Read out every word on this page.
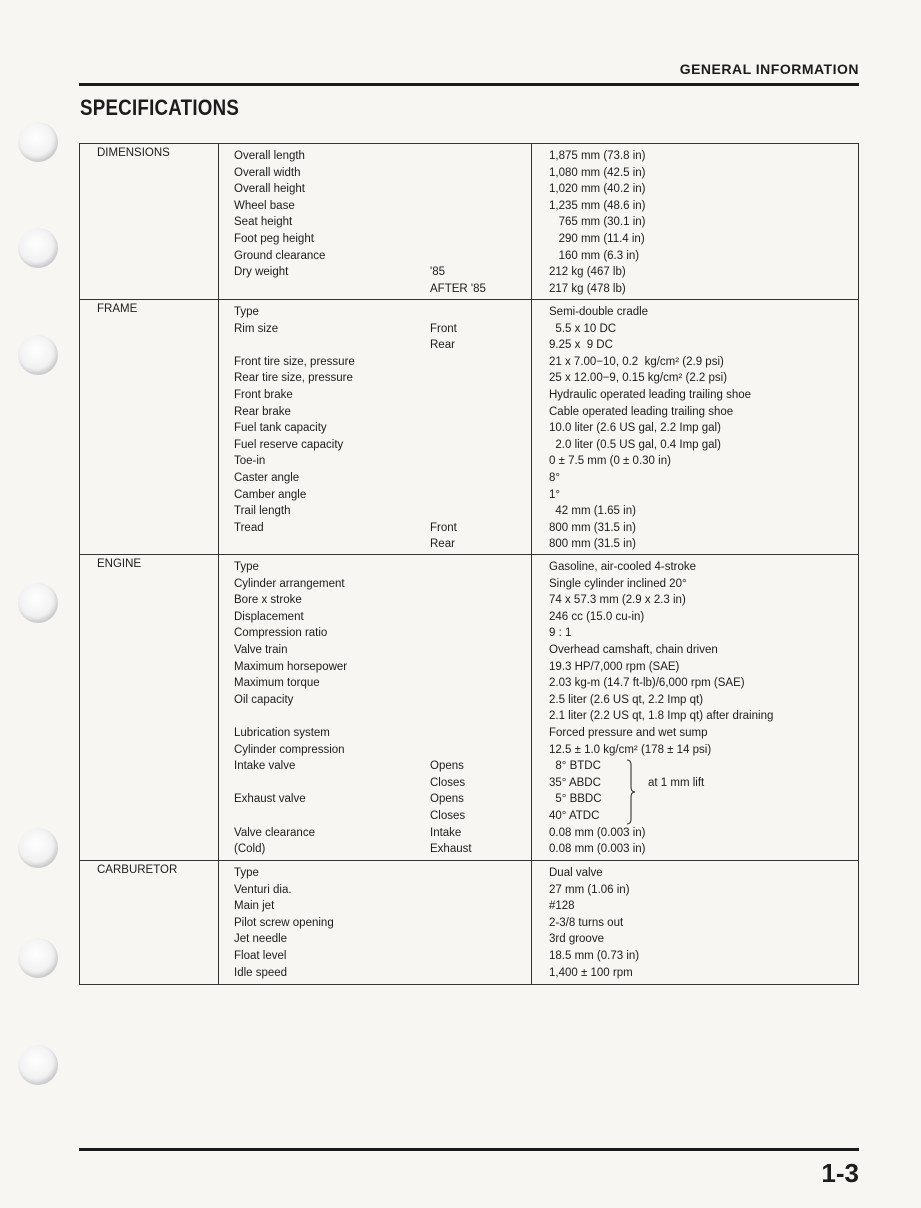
GENERAL INFORMATION
SPECIFICATIONS
DIMENSIONS	Overall length	1,875 mm (73.8 in)
Overall width	1,080 mm (42.5 in)
Overall height	1,020 mm (40.2 in)
Wheel base	1,235 mm (48.6 in)
Seat height	765 mm (30.1 in)
Foot peg height	290 mm (11.4 in)
Ground clearance	160 mm (6.3 in)
Dry weight	'85	212 kg (467 lb)
AFTER '85	217 kg (478 lb)
FRAME	Type	Semi-double cradle
Rim size	Front	5.5 x 10 DC
Rear	9.25 x  9 DC
Front tire size, pressure	21 x 7.00−10, 0.2  kg/cm² (2.9 psi)
Rear tire size, pressure	25 x 12.00−9, 0.15 kg/cm² (2.2 psi)
Front brake	Hydraulic operated leading trailing shoe
Rear brake	Cable operated leading trailing shoe
Fuel tank capacity	10.0 liter (2.6 US gal, 2.2 Imp gal)
Fuel reserve capacity	2.0 liter (0.5 US gal, 0.4 Imp gal)
Toe-in	0 ± 7.5 mm (0 ± 0.30 in)
Caster angle	8°
Camber angle	1°
Trail length	42 mm (1.65 in)
Tread	Front	800 mm (31.5 in)
Rear	800 mm (31.5 in)
ENGINE	Type	Gasoline, air-cooled 4-stroke
Cylinder arrangement	Single cylinder inclined 20°
Bore x stroke	74 x 57.3 mm (2.9 x 2.3 in)
Displacement	246 cc (15.0 cu-in)
Compression ratio	9 : 1
Valve train	Overhead camshaft, chain driven
Maximum horsepower	19.3 HP/7,000 rpm (SAE)
Maximum torque	2.03 kg-m (14.7 ft-lb)/6,000 rpm (SAE)
Oil capacity	2.5 liter (2.6 US qt, 2.2 Imp qt)
2.1 liter (2.2 US qt, 1.8 Imp qt) after draining
Lubrication system	Forced pressure and wet sump
Cylinder compression	12.5 ± 1.0 kg/cm² (178 ± 14 psi)
Intake valve	Opens	8° BTDC
Closes	35° ABDC
Exhaust valve	Opens	5° BBDC
Closes	40° ATDC
Valve clearance	Intake	0.08 mm (0.003 in)
(Cold)	Exhaust	0.08 mm (0.003 in)
at 1 mm lift
CARBURETOR	Type	Dual valve
Venturi dia.	27 mm (1.06 in)
Main jet	#128
Pilot screw opening	2-3/8 turns out
Jet needle	3rd groove
Float level	18.5 mm (0.73 in)
Idle speed	1,400 ± 100 rpm
1-3
